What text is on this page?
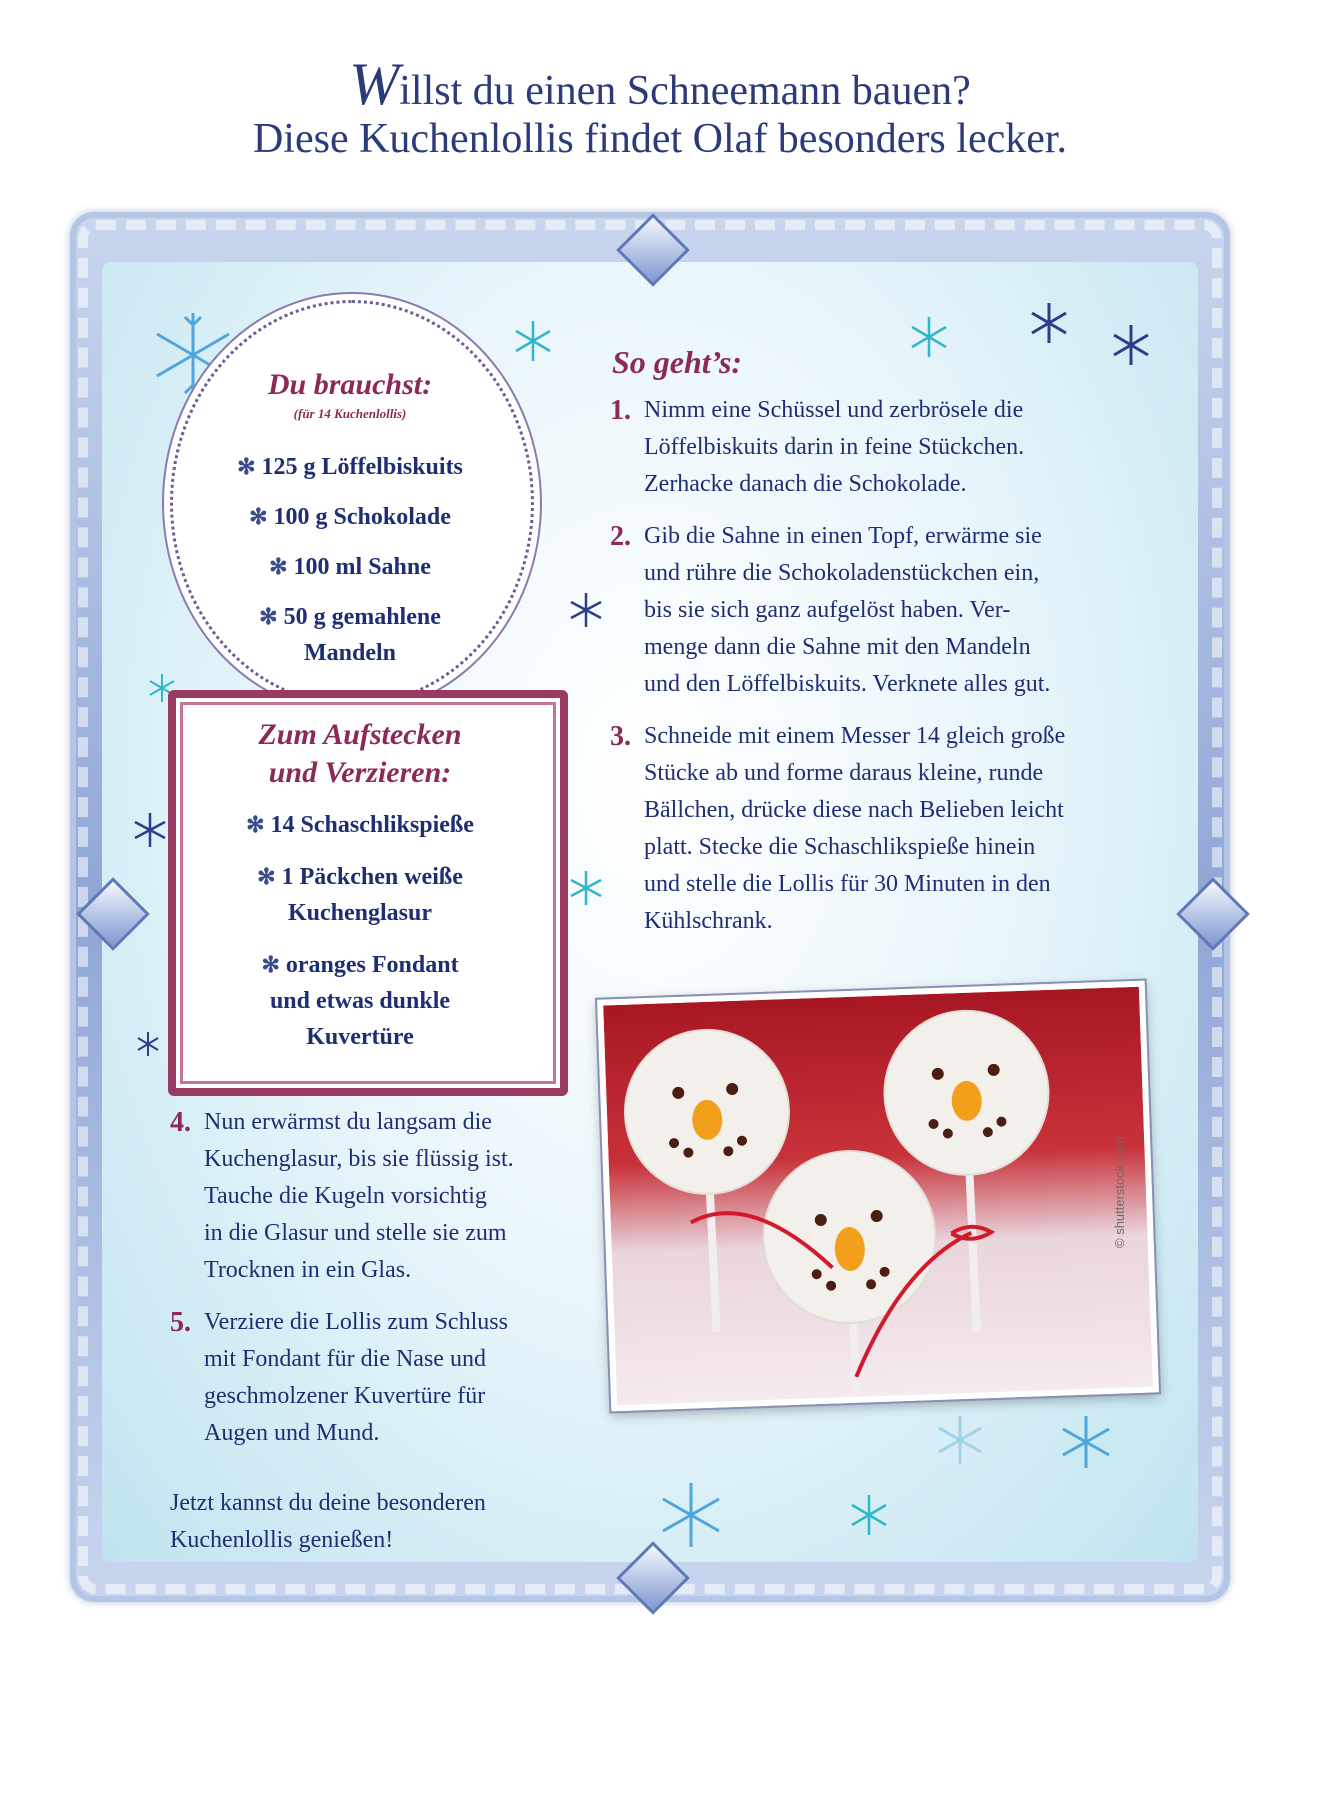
Willst du einen Schneemann bauen?
Diese Kuchenlollis findet Olaf besonders lecker.
Du brauchst:
(für 14 Kuchenlollis)
✻ 125 g Löffelbiskuits
✻ 100 g Schokolade
✻ 100 ml Sahne
✻ 50 g gemahlene
Mandeln
Zum Aufstecken
und Verzieren:
✻ 14 Schaschlikspieße
✻ 1 Päckchen weiße
Kuchenglasur
✻ oranges Fondant
und etwas dunkle
Kuvertüre
So geht’s:
1. Nimm eine Schüssel und zerbrösele die
Löffelbiskuits darin in feine Stückchen.
Zerhacke danach die Schokolade.
2. Gib die Sahne in einen Topf, erwärme sie
und rühre die Schokoladenstückchen ein,
bis sie sich ganz aufgelöst haben. Ver-
menge dann die Sahne mit den Mandeln
und den Löffelbiskuits. Verknete alles gut.
3. Schneide mit einem Messer 14 gleich große
Stücke ab und forme daraus kleine, runde
Bällchen, drücke diese nach Belieben leicht
platt. Stecke die Schaschlikspieße hinein
und stelle die Lollis für 30 Minuten in den
Kühlschrank.
4. Nun erwärmst du langsam die
Kuchenglasur, bis sie flüssig ist.
Tauche die Kugeln vorsichtig
in die Glasur und stelle sie zum
Trocknen in ein Glas.
5. Verziere die Lollis zum Schluss
mit Fondant für die Nase und
geschmolzener Kuvertüre für
Augen und Mund.
Jetzt kannst du deine besonderen
Kuchenlollis genießen!
© shutterstock.com
